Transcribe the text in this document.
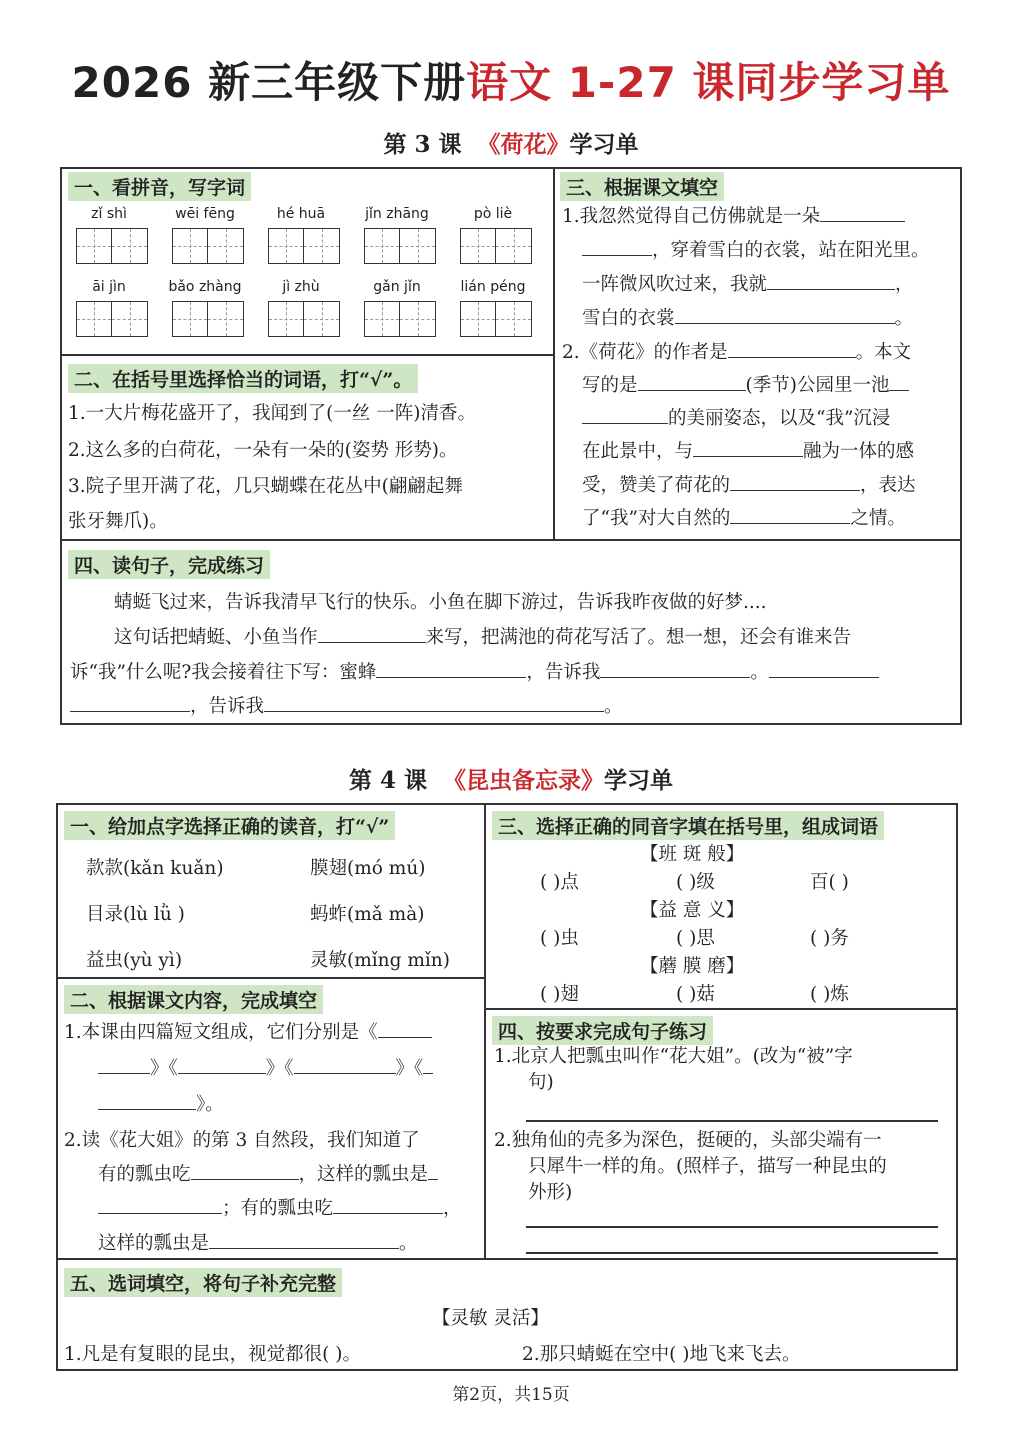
2026 新三年级下册语文 1-27 课同步学习单
第 3 课 《荷花》学习单
一、看拼音，写字词
zǐ shì	wēi fēng	hé huā	jǐn zhāng	pò liè
āi jìn	bǎo zhàng	jì zhù	gǎn jǐn	lián péng
二、在括号里选择恰当的词语，打“√”。
1.一大片梅花盛开了，我闻到了(一丝 一阵)清香。
2.这么多的白荷花，一朵有一朵的(姿势 形势)。
3.院子里开满了花，几只蝴蝶在花丛中(翩翩起舞
张牙舞爪)。
三、根据课文填空
1.我忽然觉得自己仿佛就是一朵
，穿着雪白的衣裳，站在阳光里。
一阵微风吹过来，我就	，
雪白的衣裳	。
2.《荷花》的作者是	。本文
写的是	(季节)公园里一池
的美丽姿态，以及“我”沉浸
在此景中，与	融为一体的感
受，赞美了荷花的	，表达
了“我”对大自然的	之情。
四、读句子，完成练习
蜻蜓飞过来，告诉我清早飞行的快乐。小鱼在脚下游过，告诉我昨夜做的好梦....
这句话把蜻蜓、小鱼当作	来写，把满池的荷花写活了。想一想，还会有谁来告
诉“我”什么呢?我会接着往下写：蜜蜂	，告诉我	。
，告诉我	。
第 4 课 《昆虫备忘录》学习单
一、给加点字选择正确的读音，打“√”
款款(kǎn kuǎn)	膜翅(mó mú)
目录(lù lǜ )	蚂蚱(mǎ mà)
益虫(yù yì)	灵敏(mǐng mǐn)
二、根据课文内容，完成填空
1.本课由四篇短文组成，它们分别是《
》《	》《	》《
》。
2.读《花大姐》的第 3 自然段，我们知道了
有的瓢虫吃	，这样的瓢虫是
；有的瓢虫吃	，
这样的瓢虫是	。
三、选择正确的同音字填在括号里，组成词语
【班 斑 般】
( )点	( )级	百( )
【益 意 义】
( )虫	( )思	( )务
【蘑 膜 磨】
( )翅	( )菇	( )炼
四、按要求完成句子练习
1.北京人把瓢虫叫作“花大姐”。(改为“被”字
句)
2.独角仙的壳多为深色，挺硬的，头部尖端有一
只犀牛一样的角。(照样子，描写一种昆虫的
外形)
五、选词填空，将句子补充完整
【灵敏 灵活】
1.凡是有复眼的昆虫，视觉都很( )。	2.那只蜻蜓在空中( )地飞来飞去。
第2页，共15页
